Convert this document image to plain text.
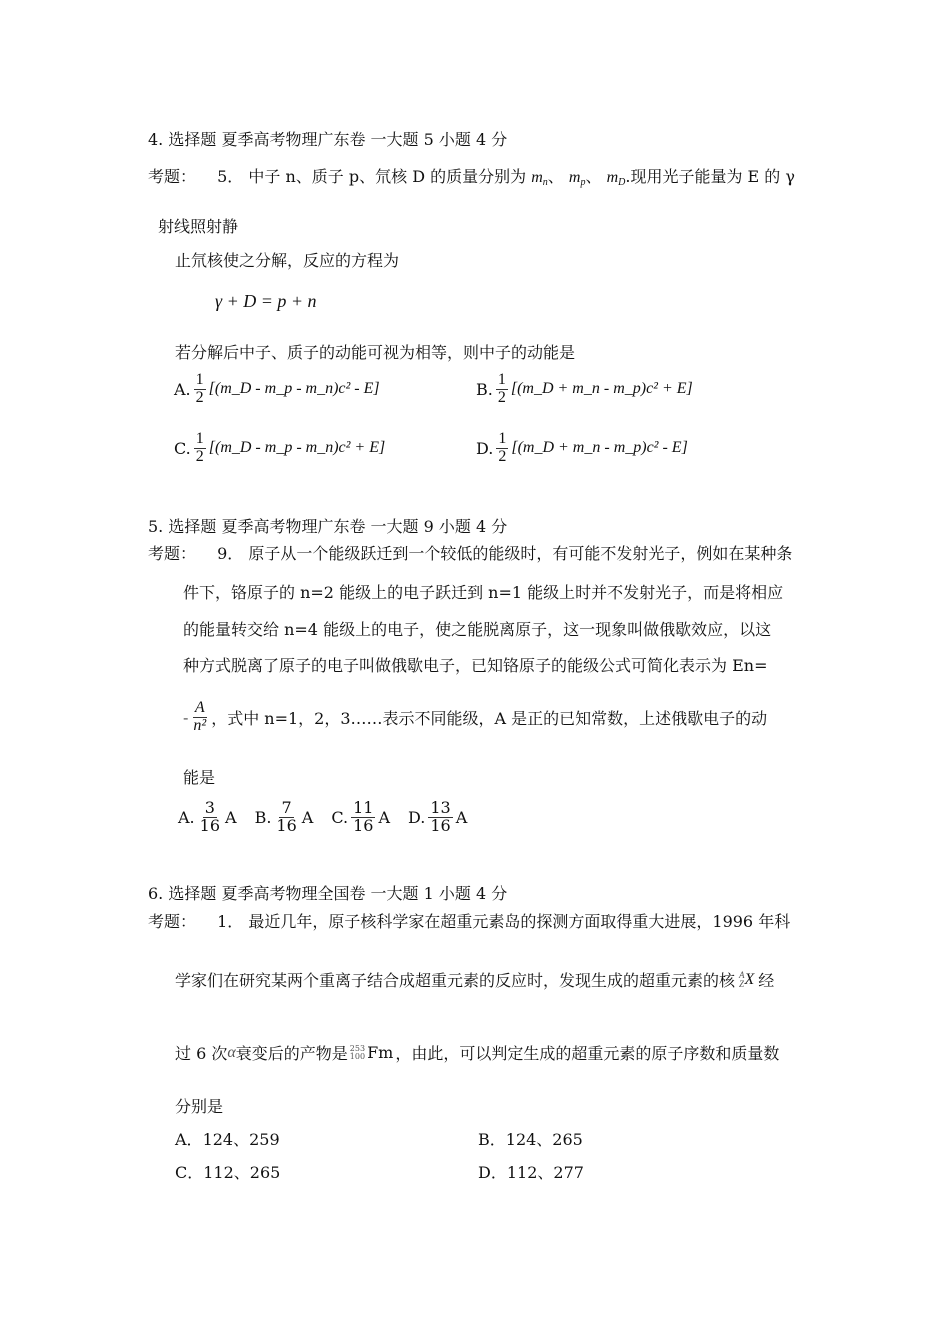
4. 选择题 夏季高考物理广东卷 一大题 5 小题 4 分
考题： 5． 中子 n、质子 p、氘核 D 的质量分别为 $m_n$、 $m_p$、 $m_D$.现用光子能量为 E 的 γ
射线照射静
止氘核使之分解，反应的方程为
γ + D = p + n
若分解后中子、质子的动能可视为相等，则中子的动能是
A. $\frac{1}{2}$ [(m_D - m_p - m_n)c² - E]	B. $\frac{1}{2}$ [(m_D + m_n - m_p)c² + E]
C. $\frac{1}{2}$ [(m_D - m_p - m_n)c² + E]	D. $\frac{1}{2}$ [(m_D + m_n - m_p)c² - E]
5. 选择题 夏季高考物理广东卷 一大题 9 小题 4 分
考题： 9． 原子从一个能级跃迁到一个较低的能级时，有可能不发射光子，例如在某种条
件下，铬原子的 n=2 能级上的电子跃迁到 n=1 能级上时并不发射光子，而是将相应
的能量转交给 n=4 能级上的电子，使之能脱离原子，这一现象叫做俄歇效应，以这
种方式脱离了原子的电子叫做俄歇电子，已知铬原子的能级公式可简化表示为 En=
- $\frac{A}{\text{n²}}$ ，式中 n=1，2，3……表示不同能级，A 是正的已知常数，上述俄歇电子的动
能是
A. $\frac{3}{16}$ A B. $\frac{7}{16}$ A C. $\frac{11}{16}$ A D. $\frac{13}{16}$ A
6. 选择题 夏季高考物理全国卷 一大题 1 小题 4 分
考题： 1． 最近几年，原子核科学家在超重元素岛的探测方面取得重大进展，1996 年科
学家们在研究某两个重离子结合成超重元素的反应时，发现生成的超重元素的核 A
Z X 经
过 6 次 α 衰变后的产物是 253
100 Fm ，由此，可以判定生成的超重元素的原子序数和质量数
分别是
A．124、259	B．124、265
C．112、265	D．112、277
